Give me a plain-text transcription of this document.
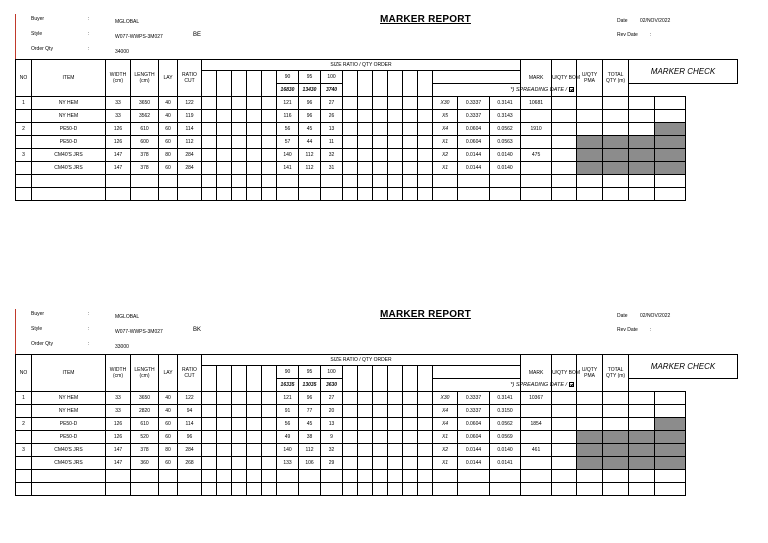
Buyer	:	MGLOBAL
Style	:	W077-WWPS-3M027
Order Qty	:	34000
BE
MARKER REPORT	Date 02/NOV/2022
Rev Date :
NO	ITEM	WIDTH (cm)	LENGTH (cm)	LAY	RATIO CUT	SIZE RATIO / QTY ORDER																	MARK	U/QTY BOM	U/QTY PMA	TOTAL QTY (m)	MARKER CHECK	
											90	95	100															
											16830	13430	3740							*) SPREADING DATE /								
1	NY HEM	33	3650	40	122						121	96	27							X30	0.3337	0.3141	10681					
	NY HEM	33	3562	40	119						116	96	26							X5	0.3337	0.3143						
2	PE50-D	126	610	60	114						56	45	13							X4	0.0604	0.0562	1910					
	PE50-D	126	600	60	112						57	44	11							X1	0.0604	0.0563						
3	CM40'S JRS	147	378	80	284						140	112	32							X2	0.0144	0.0140	475					
	CM40'S JRS	147	378	60	284						141	112	31							X1	0.0144	0.0140						

Buyer	:	MGLOBAL
Style	:	W077-WWPS-3M027
Order Qty	:	33000
BK
MARKER REPORT	Date 02/NOV/2022
Rev Date :
NO	ITEM	WIDTH (cm)	LENGTH (cm)	LAY	RATIO CUT	SIZE RATIO / QTY ORDER																	MARK	U/QTY BOM	U/QTY PMA	TOTAL QTY (m)	MARKER CHECK	
											90	95	100															
											16335	13035	3630							*) SPREADING DATE /								
1	NY HEM	33	3650	40	122						121	96	27							X30	0.3337	0.3141	10367					
	NY HEM	33	2820	40	94						91	77	20							X4	0.3337	0.3150						
2	PE50-D	126	610	60	114						56	45	13							X4	0.0604	0.0562	1854					
	PE50-D	126	520	60	96						49	38	9							X1	0.0604	0.0569						
3	CM40'S JRS	147	378	80	284						140	112	32							X2	0.0144	0.0140	461					
	CM40'S JRS	147	360	60	268						133	106	29							X1	0.0144	0.0141						
